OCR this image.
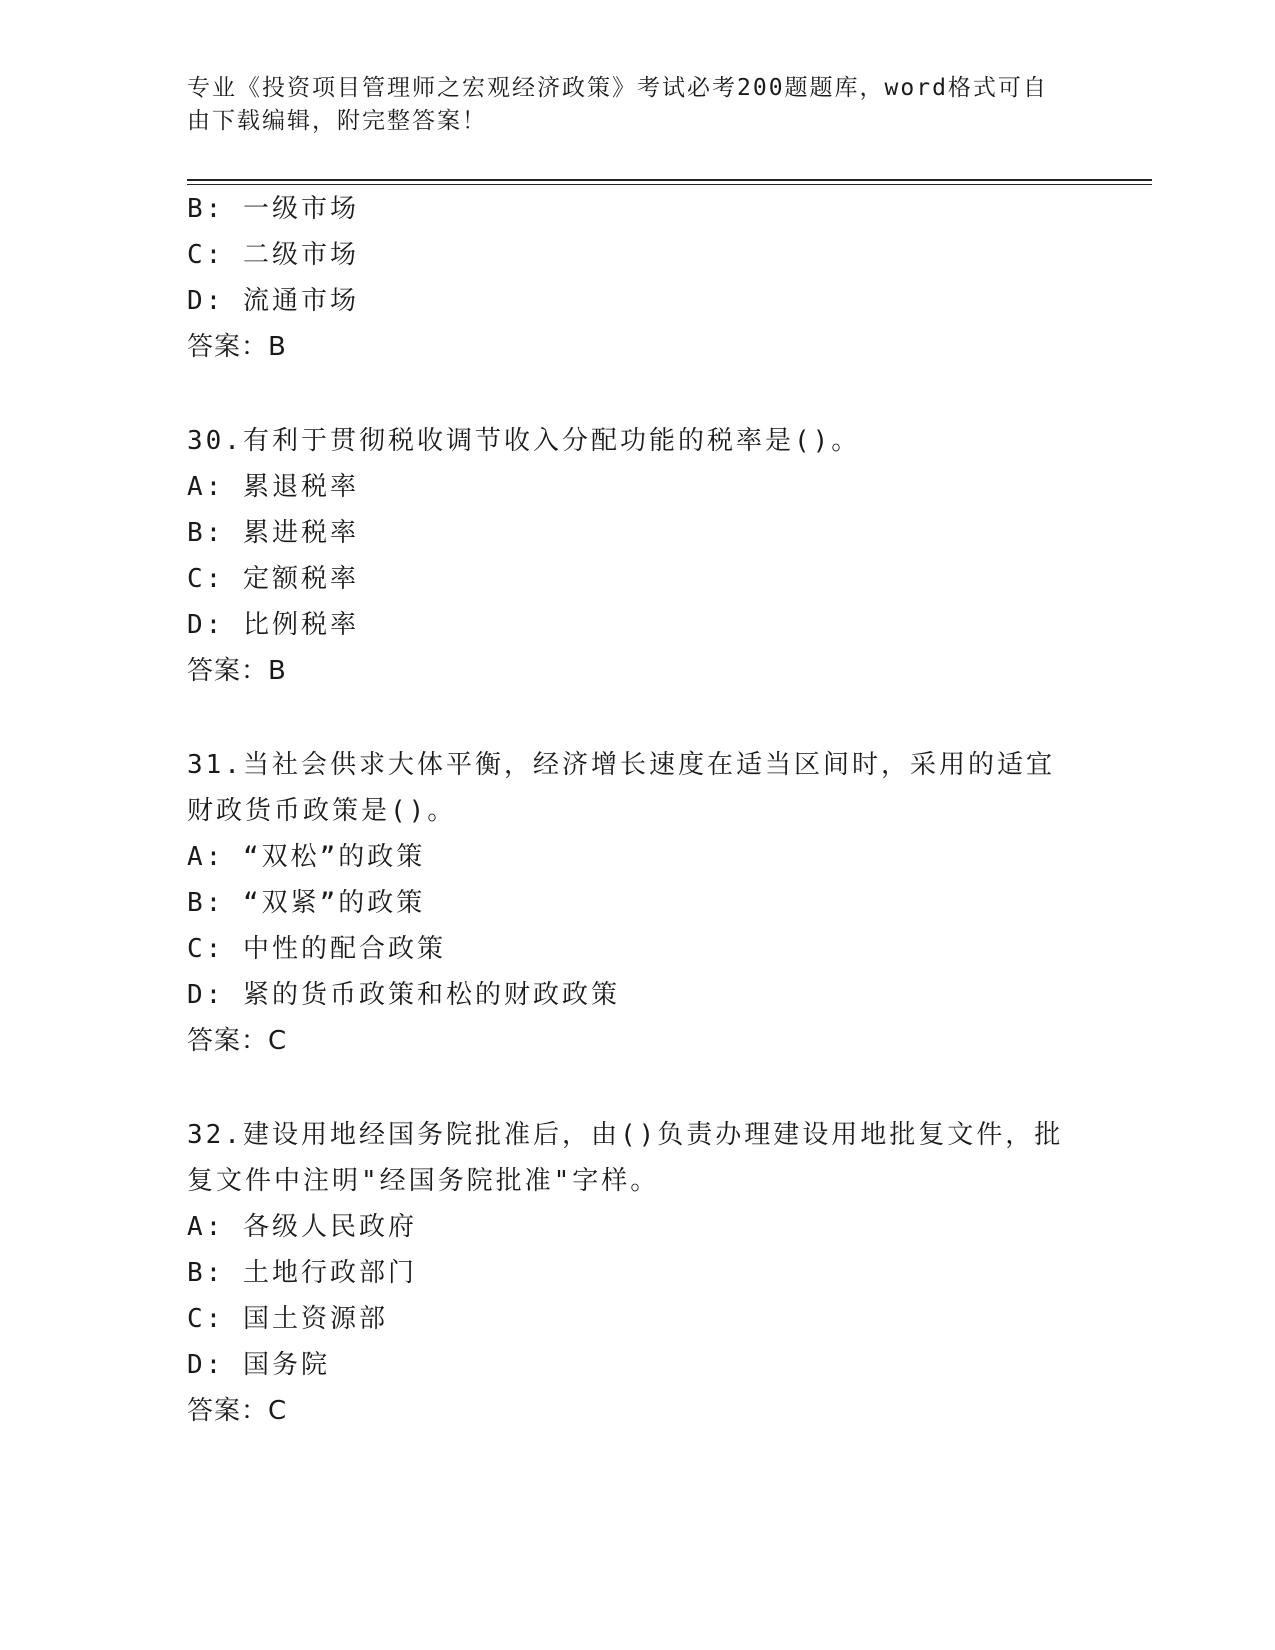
专业《投资项目管理师之宏观经济政策》考试必考200题题库，word格式可自由下载编辑，附完整答案！
B: 一级市场
C: 二级市场
D: 流通市场
答案：B
30.有利于贯彻税收调节收入分配功能的税率是()。
A: 累退税率
B: 累进税率
C: 定额税率
D: 比例税率
答案：B
31.当社会供求大体平衡，经济增长速度在适当区间时，采用的适宜财政货币政策是()。
A: “双松”的政策
B: “双紧”的政策
C: 中性的配合政策
D: 紧的货币政策和松的财政政策
答案：C
32.建设用地经国务院批准后，由()负责办理建设用地批复文件，批复文件中注明"经国务院批准"字样。
A: 各级人民政府
B: 土地行政部门
C: 国土资源部
D: 国务院
答案：C
